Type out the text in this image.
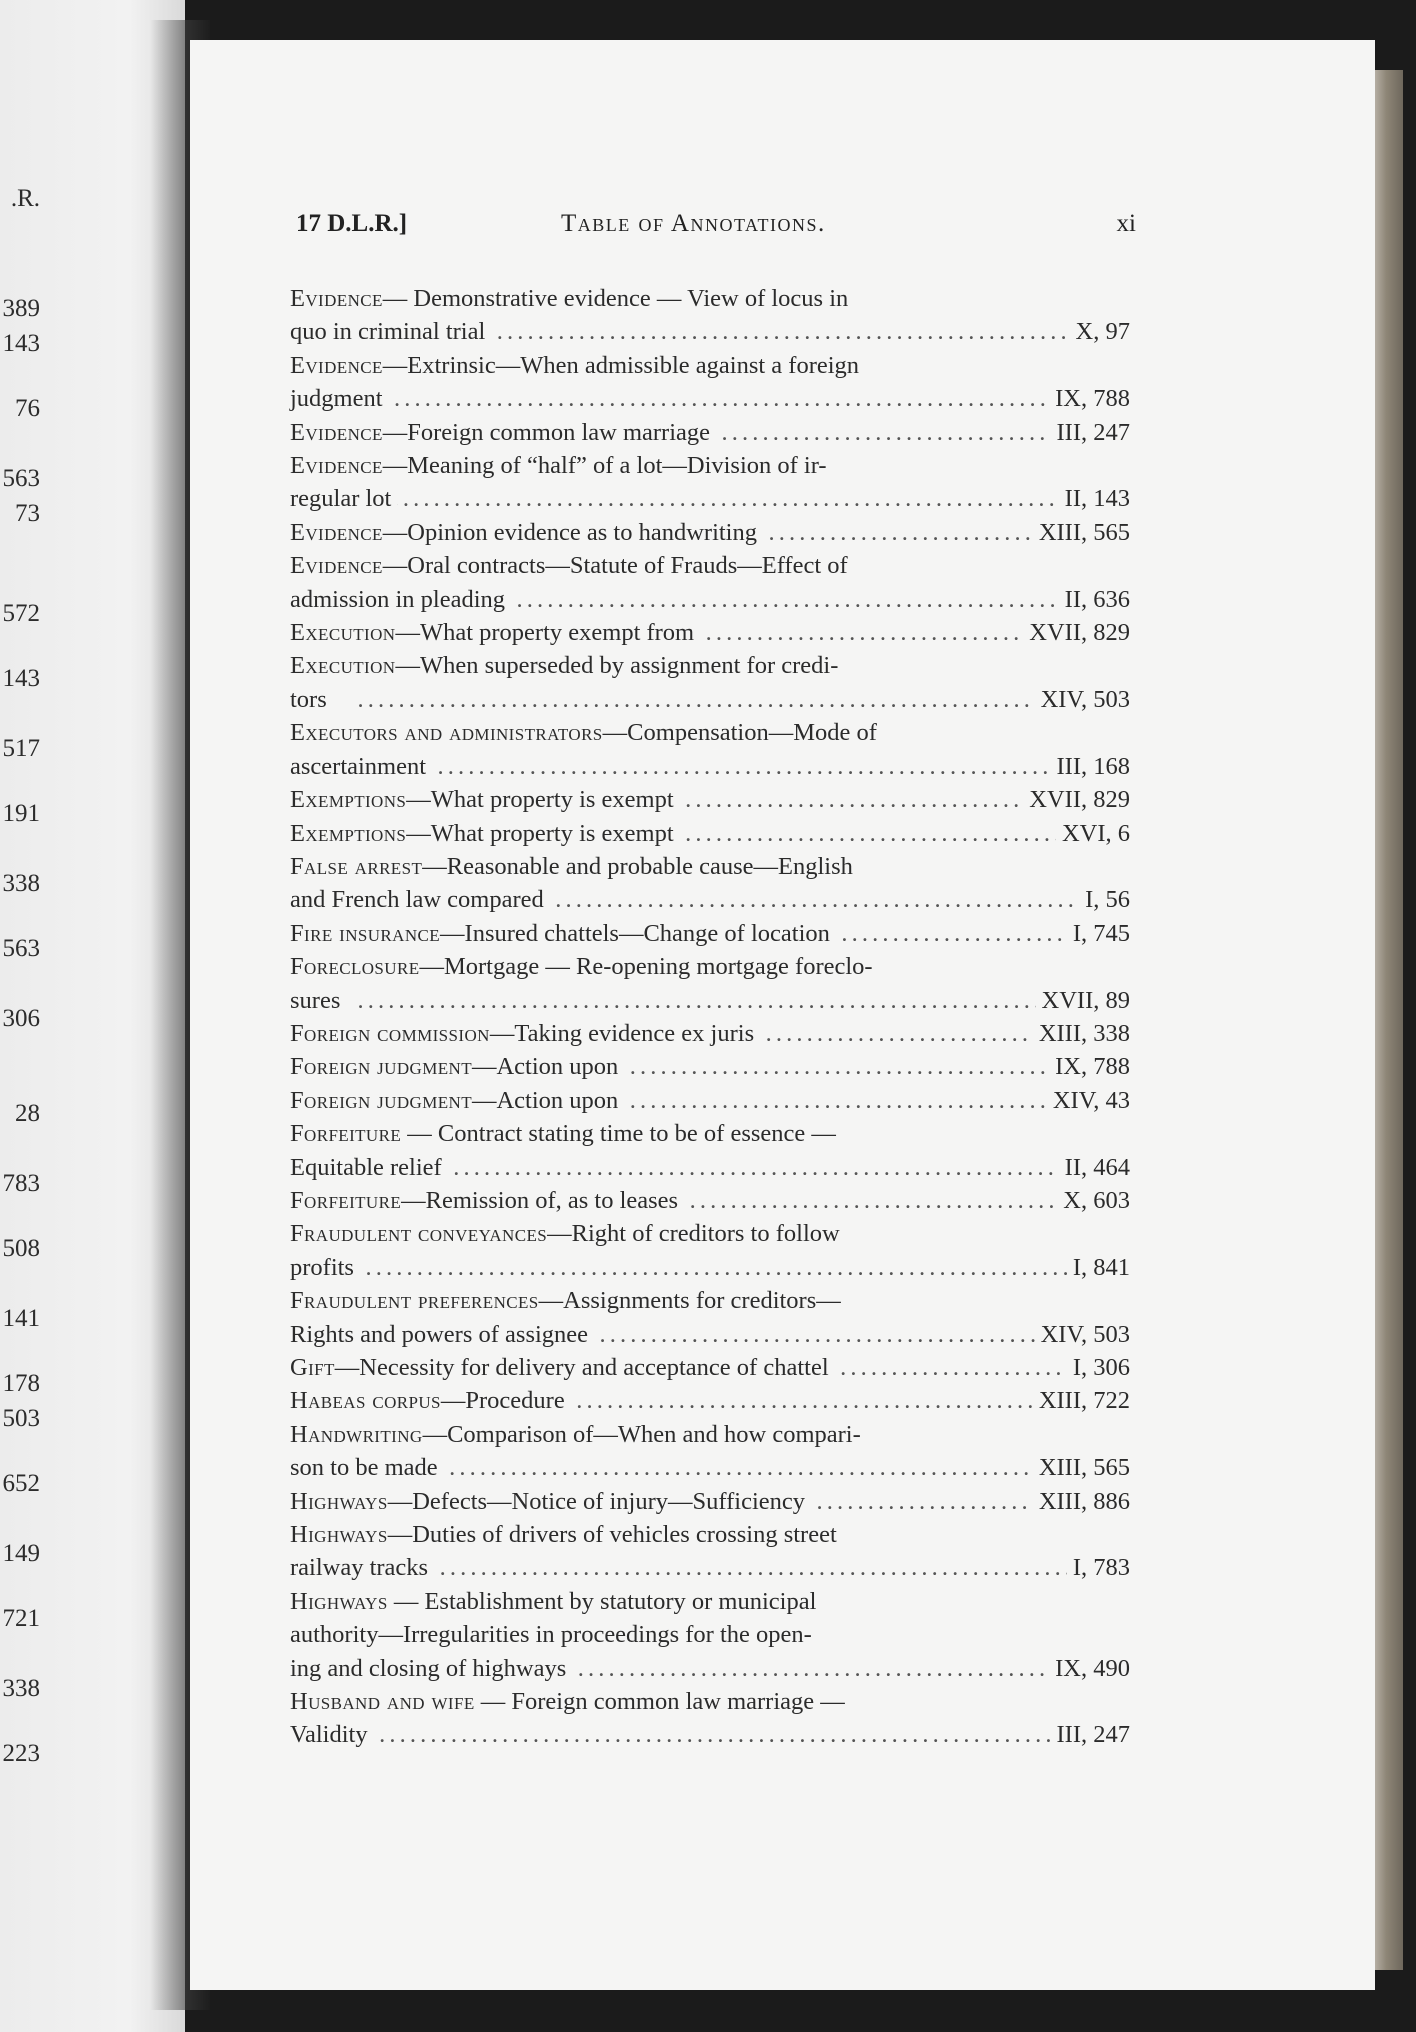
.R.
389
143
76
563
73
572
143
517
191
338
563
306
28
783
508
141
178
503
652
149
721
338
223
17 D.L.R.]	Table of Annotations.	xi
Evidence— Demonstrative evidence — View of locus in
quo in criminal trial . . .	X, 97
Evidence—Extrinsic—When admissible against a foreign
judgment . . .	IX, 788
Evidence—Foreign common law marriage . . .	III, 247
Evidence—Meaning of “half” of a lot—Division of ir-
regular lot . . .	II, 143
Evidence—Opinion evidence as to handwriting . . .	XIII, 565
Evidence—Oral contracts—Statute of Frauds—Effect of
admission in pleading . . .	II, 636
Execution—What property exempt from . . .	XVII, 829
Execution—When superseded by assignment for credi-
tors . . .	XIV, 503
Executors and administrators—Compensation—Mode of
ascertainment . . .	III, 168
Exemptions—What property is exempt . . .	XVII, 829
Exemptions—What property is exempt . . .	XVI, 6
False arrest—Reasonable and probable cause—English
and French law compared . . .	I, 56
Fire insurance—Insured chattels—Change of location . . .	I, 745
Foreclosure—Mortgage — Re-opening mortgage foreclo-
sures . . .	XVII, 89
Foreign commission—Taking evidence ex juris . . .	XIII, 338
Foreign judgment—Action upon . . .	IX, 788
Foreign judgment—Action upon . . .	XIV, 43
Forfeiture — Contract stating time to be of essence —
Equitable relief . . .	II, 464
Forfeiture—Remission of, as to leases . . .	X, 603
Fraudulent conveyances—Right of creditors to follow
profits . . .	I, 841
Fraudulent preferences—Assignments for creditors—
Rights and powers of assignee . . .	XIV, 503
Gift—Necessity for delivery and acceptance of chattel . . .	I, 306
Habeas corpus—Procedure . . .	XIII, 722
Handwriting—Comparison of—When and how compari-
son to be made . . .	XIII, 565
Highways—Defects—Notice of injury—Sufficiency . . .	XIII, 886
Highways—Duties of drivers of vehicles crossing street
railway tracks . . .	I, 783
Highways — Establishment by statutory or municipal
authority—Irregularities in proceedings for the open-
ing and closing of highways . . .	IX, 490
Husband and wife — Foreign common law marriage —
Validity . . .	III, 247
